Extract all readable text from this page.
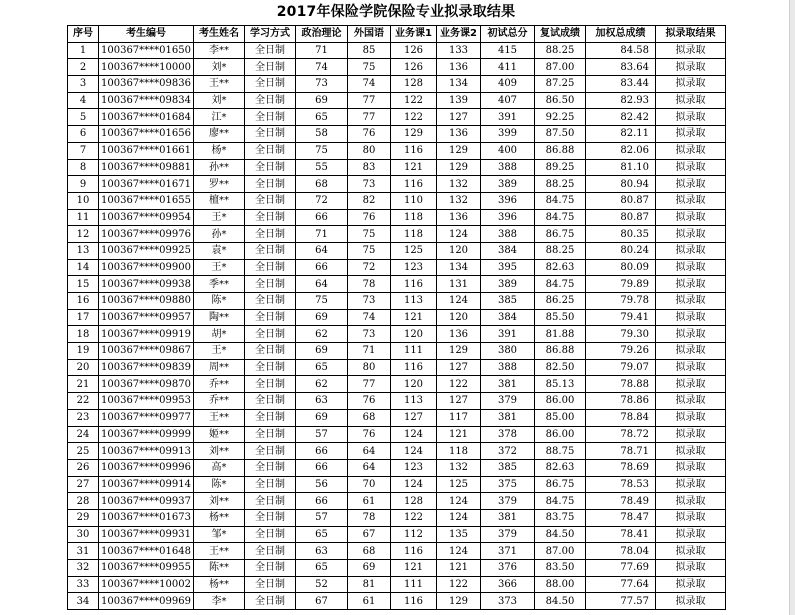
2017年保险学院保险专业拟录取结果
序号	考生编号	考生姓名	学习方式	政治理论	外国语	业务课1	业务课2	初试总分	复试成绩	加权总成绩	拟录取结果
1	100367****01650	李**	全日制	71	85	126	133	415	88.25	84.58	拟录取
2	100367****10000	刘*	全日制	74	75	126	136	411	87.00	83.64	拟录取
3	100367****09836	王**	全日制	73	74	128	134	409	87.25	83.44	拟录取
4	100367****09834	刘*	全日制	69	77	122	139	407	86.50	82.93	拟录取
5	100367****01684	江*	全日制	65	77	122	127	391	92.25	82.42	拟录取
6	100367****01656	廖**	全日制	58	76	129	136	399	87.50	82.11	拟录取
7	100367****01661	杨*	全日制	75	80	116	129	400	86.88	82.06	拟录取
8	100367****09881	孙**	全日制	55	83	121	129	388	89.25	81.10	拟录取
9	100367****01671	罗**	全日制	68	73	116	132	389	88.25	80.94	拟录取
10	100367****01655	檀**	全日制	72	82	110	132	396	84.75	80.87	拟录取
11	100367****09954	王*	全日制	66	76	118	136	396	84.75	80.87	拟录取
12	100367****09976	孙*	全日制	71	75	118	124	388	86.75	80.35	拟录取
13	100367****09925	袁*	全日制	64	75	125	120	384	88.25	80.24	拟录取
14	100367****09900	王*	全日制	66	72	123	134	395	82.63	80.09	拟录取
15	100367****09938	季**	全日制	64	78	116	131	389	84.75	79.89	拟录取
16	100367****09880	陈*	全日制	75	73	113	124	385	86.25	79.78	拟录取
17	100367****09957	陶**	全日制	69	74	121	120	384	85.50	79.41	拟录取
18	100367****09919	胡*	全日制	62	73	120	136	391	81.88	79.30	拟录取
19	100367****09867	王*	全日制	69	71	111	129	380	86.88	79.26	拟录取
20	100367****09839	周**	全日制	65	80	116	127	388	82.50	79.07	拟录取
21	100367****09870	乔**	全日制	62	77	120	122	381	85.13	78.88	拟录取
22	100367****09953	乔**	全日制	63	76	113	127	379	86.00	78.86	拟录取
23	100367****09977	王**	全日制	69	68	127	117	381	85.00	78.84	拟录取
24	100367****09999	姬**	全日制	57	76	124	121	378	86.00	78.72	拟录取
25	100367****09913	刘**	全日制	66	64	124	118	372	88.75	78.71	拟录取
26	100367****09996	高*	全日制	66	64	123	132	385	82.63	78.69	拟录取
27	100367****09914	陈*	全日制	56	70	124	125	375	86.75	78.53	拟录取
28	100367****09937	刘**	全日制	66	61	128	124	379	84.75	78.49	拟录取
29	100367****01673	杨**	全日制	57	78	122	124	381	83.75	78.47	拟录取
30	100367****09931	邹*	全日制	65	67	112	135	379	84.50	78.41	拟录取
31	100367****01648	王**	全日制	63	68	116	124	371	87.00	78.04	拟录取
32	100367****09955	陈**	全日制	65	69	121	121	376	83.50	77.69	拟录取
33	100367****10002	杨**	全日制	52	81	111	122	366	88.00	77.64	拟录取
34	100367****09969	李*	全日制	67	61	116	129	373	84.50	77.57	拟录取
